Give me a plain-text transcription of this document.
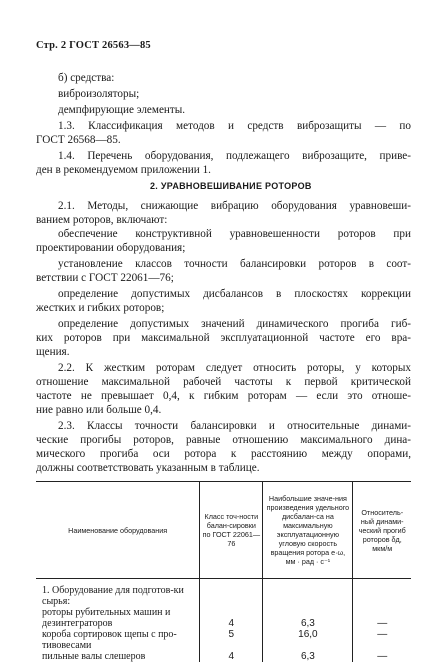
Стр. 2 ГОСТ 26563—85
б) средства:
виброизоляторы;
демпфирующие элементы.
1.3. Классификация методов и средств виброзащиты — по
ГОСТ 26568—85.
1.4. Перечень оборудования, подлежащего виброзащите, приве-
ден в рекомендуемом приложении 1.
2. УРАВНОВЕШИВАНИЕ РОТОРОВ
2.1. Методы, снижающие вибрацию оборудования уравновеши-
ванием роторов, включают:
обеспечение конструктивной уравновешенности роторов при
проектировании оборудования;
установление классов точности балансировки роторов в соот-
ветствии с ГОСТ 22061—76;
определение допустимых дисбалансов в плоскостях коррекции
жестких и гибких роторов;
определение допустимых значений динамического прогиба гиб-
ких роторов при максимальной эксплуатационной частоте его вра-
щения.
2.2. К жестким роторам следует относить роторы, у которых
отношение максимальной рабочей частоты к первой критической
частоте не превышает 0,4, к гибким роторам — если это отноше-
ние равно или больше 0,4.
2.3. Классы точности балансировки и относительные динами-
ческие прогибы роторов, равные отношению максимального дина-
мического прогиба оси ротора к расстоянию между опорами,
должны соответствовать указанным в таблице.
Наименование оборудования	Класс точ-ности балан-сировки по ГОСТ 22061—76	Наибольшие значе-ния произведения удельного дисбалан-са на максимальную эксплуатационную угловую скорость вращения ротора е·ω, мм · рад · с⁻¹	Относитель-ный динами-ческий прогиб роторов δд, мкм/м

1. Оборудование для подготов-ки сырья:			

роторы рубительных машин и дезинтеграторов	4	6,3	—

короба сортировок щепы с про-тивовесами	5	16,0	—

пильные валы слешеров	4	6,3	—
